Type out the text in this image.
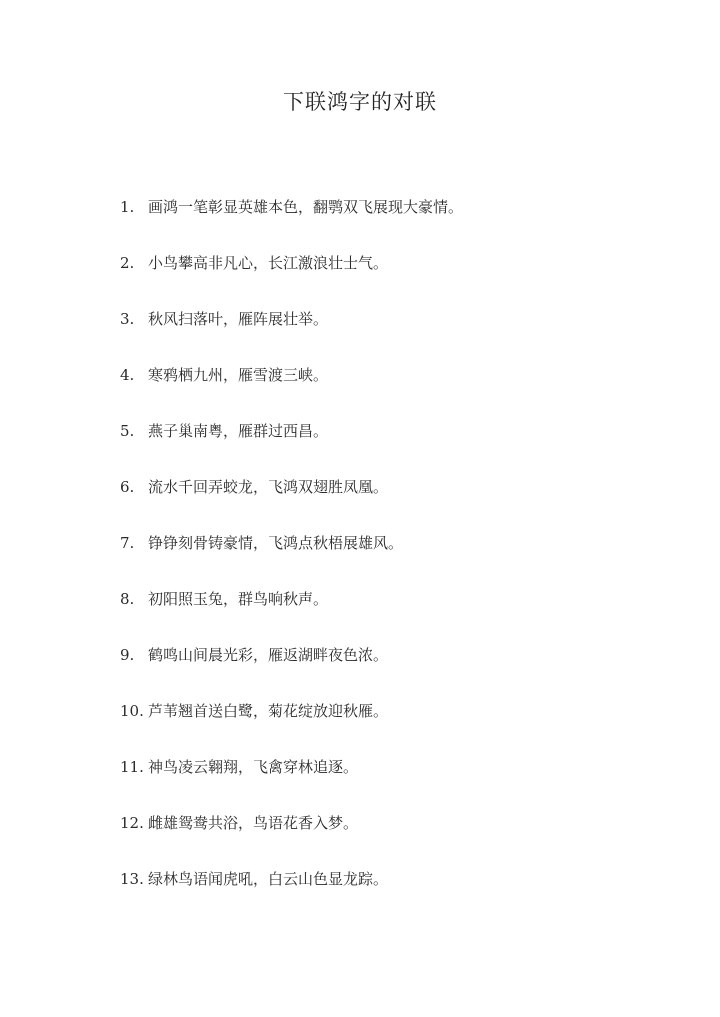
下联鸿字的对联
1. 画鸿一笔彰显英雄本色，翻鹗双飞展现大豪情。
2. 小鸟攀高非凡心，长江激浪壮士气。
3. 秋风扫落叶，雁阵展壮举。
4. 寒鸦栖九州，雁雪渡三峡。
5. 燕子巢南粤，雁群过西昌。
6. 流水千回弄蛟龙，飞鸿双翅胜凤凰。
7. 铮铮刻骨铸豪情，飞鸿点秋梧展雄风。
8. 初阳照玉兔，群鸟响秋声。
9. 鹤鸣山间晨光彩，雁返湖畔夜色浓。
10. 芦苇翘首送白鹭，菊花绽放迎秋雁。
11. 神鸟凌云翱翔，飞禽穿林追逐。
12. 雌雄鸳鸯共浴，鸟语花香入梦。
13. 绿林鸟语闻虎吼，白云山色显龙踪。
